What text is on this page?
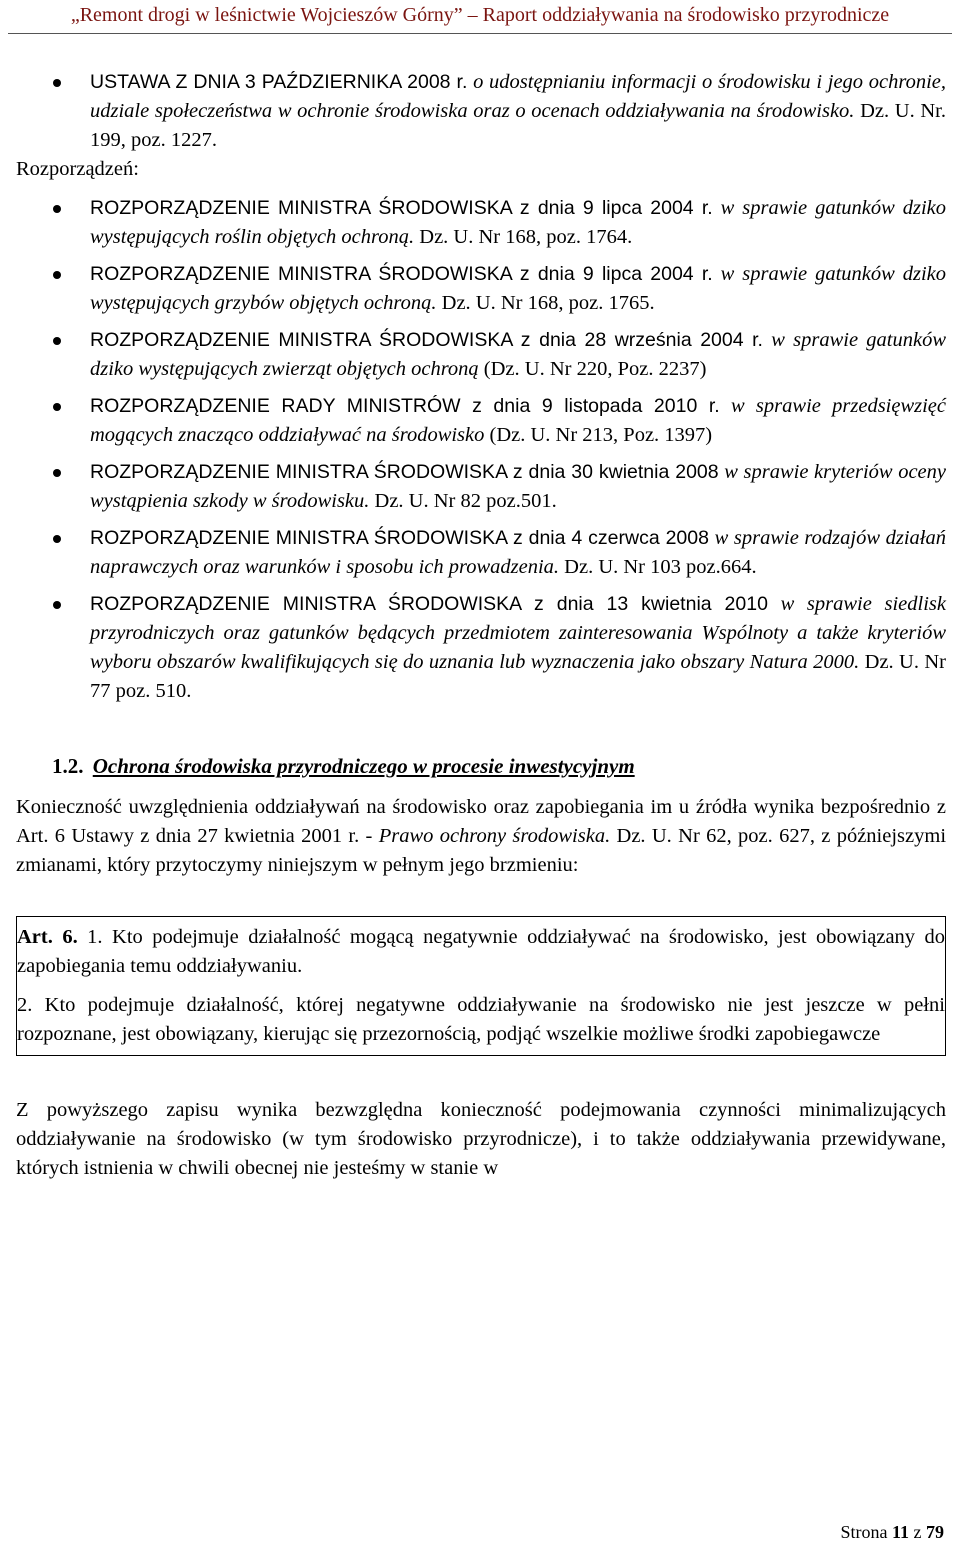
„Remont drogi w leśnictwie Wojcieszów Górny” – Raport oddziaływania na środowisko przyrodnicze
USTAWA Z DNIA 3 PAŹDZIERNIKA 2008 r. o udostępnianiu informacji o środowisku i jego ochronie, udziale społeczeństwa w ochronie środowiska oraz o ocenach oddziaływania na środowisko. Dz. U. Nr. 199, poz. 1227.

Rozporządzeń:

ROZPORZĄDZENIE MINISTRA ŚRODOWISKA z dnia 9 lipca 2004 r. w sprawie gatunków dziko występujących roślin objętych ochroną. Dz. U. Nr 168, poz. 1764.
ROZPORZĄDZENIE MINISTRA ŚRODOWISKA z dnia 9 lipca 2004 r. w sprawie gatunków dziko występujących grzybów objętych ochroną. Dz. U. Nr 168, poz. 1765.
ROZPORZĄDZENIE MINISTRA ŚRODOWISKA z dnia 28 września 2004 r. w sprawie gatunków dziko występujących zwierząt objętych ochroną (Dz. U. Nr 220, Poz. 2237)
ROZPORZĄDZENIE RADY MINISTRÓW z dnia 9 listopada 2010 r. w sprawie przedsięwzięć mogących znacząco oddziaływać na środowisko (Dz. U. Nr 213, Poz. 1397)
ROZPORZĄDZENIE MINISTRA ŚRODOWISKA z dnia 30 kwietnia 2008 w sprawie kryteriów oceny wystąpienia szkody w środowisku. Dz. U. Nr 82 poz.501.
ROZPORZĄDZENIE MINISTRA ŚRODOWISKA z dnia 4 czerwca 2008 w sprawie rodzajów działań naprawczych oraz warunków i sposobu ich prowadzenia. Dz. U. Nr 103 poz.664.
ROZPORZĄDZENIE MINISTRA ŚRODOWISKA z dnia 13 kwietnia 2010 w sprawie siedlisk przyrodniczych oraz gatunków będących przedmiotem zainteresowania Wspólnoty a także kryteriów wyboru obszarów kwalifikujących się do uznania lub wyznaczenia jako obszary Natura 2000. Dz. U. Nr 77 poz. 510.
1.2. Ochrona środowiska przyrodniczego w procesie inwestycyjnym

Konieczność uwzględnienia oddziaływań na środowisko oraz zapobiegania im u źródła wynika bezpośrednio z Art. 6 Ustawy z dnia 27 kwietnia 2001 r. - Prawo ochrony środowiska. Dz. U. Nr 62, poz. 627, z późniejszymi zmianami, który przytoczymy niniejszym w pełnym jego brzmieniu:

Art. 6. 1. Kto podejmuje działalność mogącą negatywnie oddziaływać na środowisko, jest obowiązany do zapobiegania temu oddziaływaniu.

2. Kto podejmuje działalność, której negatywne oddziaływanie na środowisko nie jest jeszcze w pełni rozpoznane, jest obowiązany, kierując się przezornością, podjąć wszelkie możliwe środki zapobiegawcze

Z powyższego zapisu wynika bezwzględna konieczność podejmowania czynności minimalizujących oddziaływanie na środowisko (w tym środowisko przyrodnicze), i to także oddziaływania przewidywane, których istnienia w chwili obecnej nie jesteśmy w stanie w

Strona 11 z 79
